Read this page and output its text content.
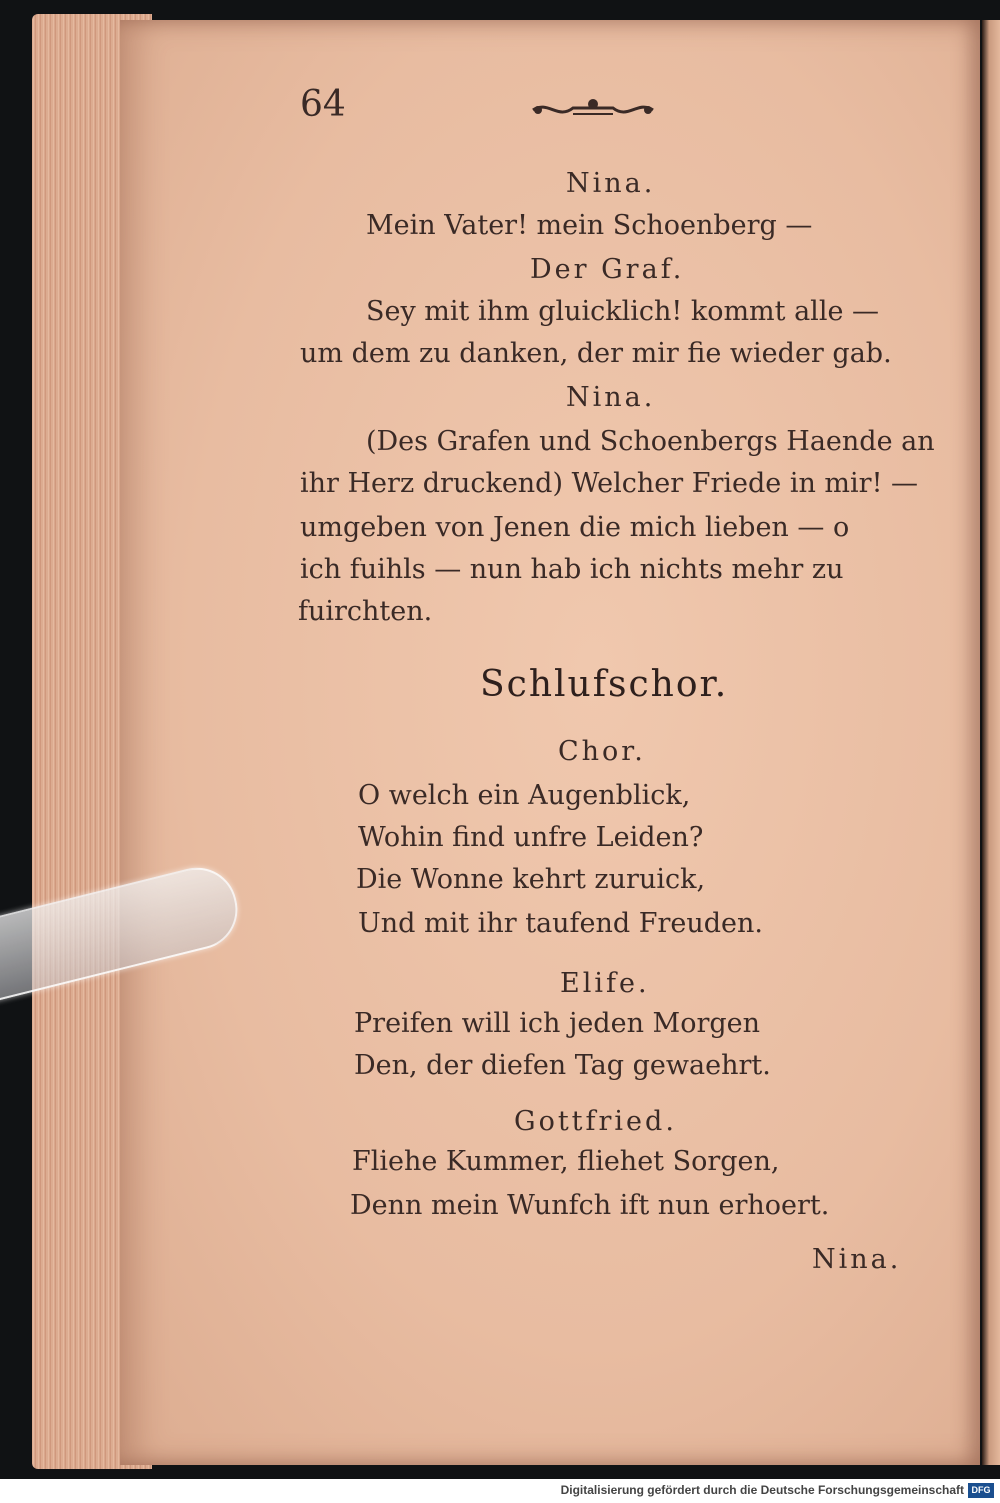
64
Nina.
Mein Vater! mein Schoenberg —
Der Graf.
Sey mit ihm gluicklich! kommt alle —
um dem zu danken, der mir fie wieder gab.
Nina.
(Des Grafen und Schoenbergs Haende an
ihr Herz druckend) Welcher Friede in mir! —
umgeben von Jenen die mich lieben — o
ich fuihls — nun hab ich nichts mehr zu
fuirchten.
Schlufschor.
Chor.
O welch ein Augenblick,
Wohin find unfre Leiden?
Die Wonne kehrt zuruick,
Und mit ihr taufend Freuden.
Elife.
Preifen will ich jeden Morgen
Den, der diefen Tag gewaehrt.
Gottfried.
Fliehe Kummer, fliehet Sorgen,
Denn mein Wunfch ift nun erhoert.
Nina.
Digitalisierung gefördert durch die Deutsche Forschungsgemeinschaft DFG
